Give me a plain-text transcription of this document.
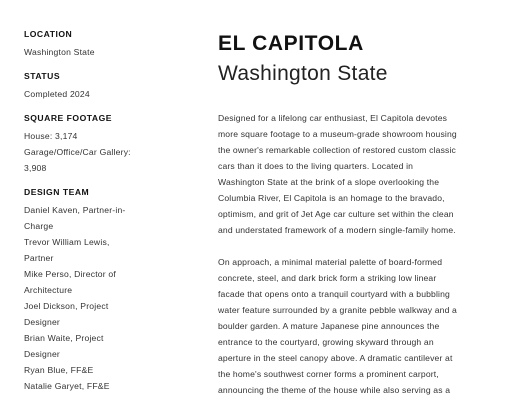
LOCATION
Washington State
STATUS
Completed 2024
SQUARE FOOTAGE
House: 3,174
Garage/Office/Car Gallery:
3,908
DESIGN TEAM
Daniel Kaven, Partner-in-
Charge
Trevor William Lewis,
Partner
Mike Perso, Director of
Architecture
Joel Dickson, Project
Designer
Brian Waite, Project
Designer
Ryan Blue, FF&E
Natalie Garyet, FF&E
EL CAPITOLA
Washington State

Designed for a lifelong car enthusiast, El Capitola devotes
more square footage to a museum-grade showroom housing
the owner's remarkable collection of restored custom classic
cars than it does to the living quarters. Located in
Washington State at the brink of a slope overlooking the
Columbia River, El Capitola is an homage to the bravado,
optimism, and grit of Jet Age car culture set within the clean
and understated framework of a modern single-family home.

On approach, a minimal material palette of board-formed
concrete, steel, and dark brick form a striking low linear
facade that opens onto a tranquil courtyard with a bubbling
water feature surrounded by a granite pebble walkway and a
boulder garden. A mature Japanese pine announces the
entrance to the courtyard, growing skyward through an
aperture in the steel canopy above. A dramatic cantilever at
the home's southwest corner forms a prominent carport,
announcing the theme of the house while also serving as a
